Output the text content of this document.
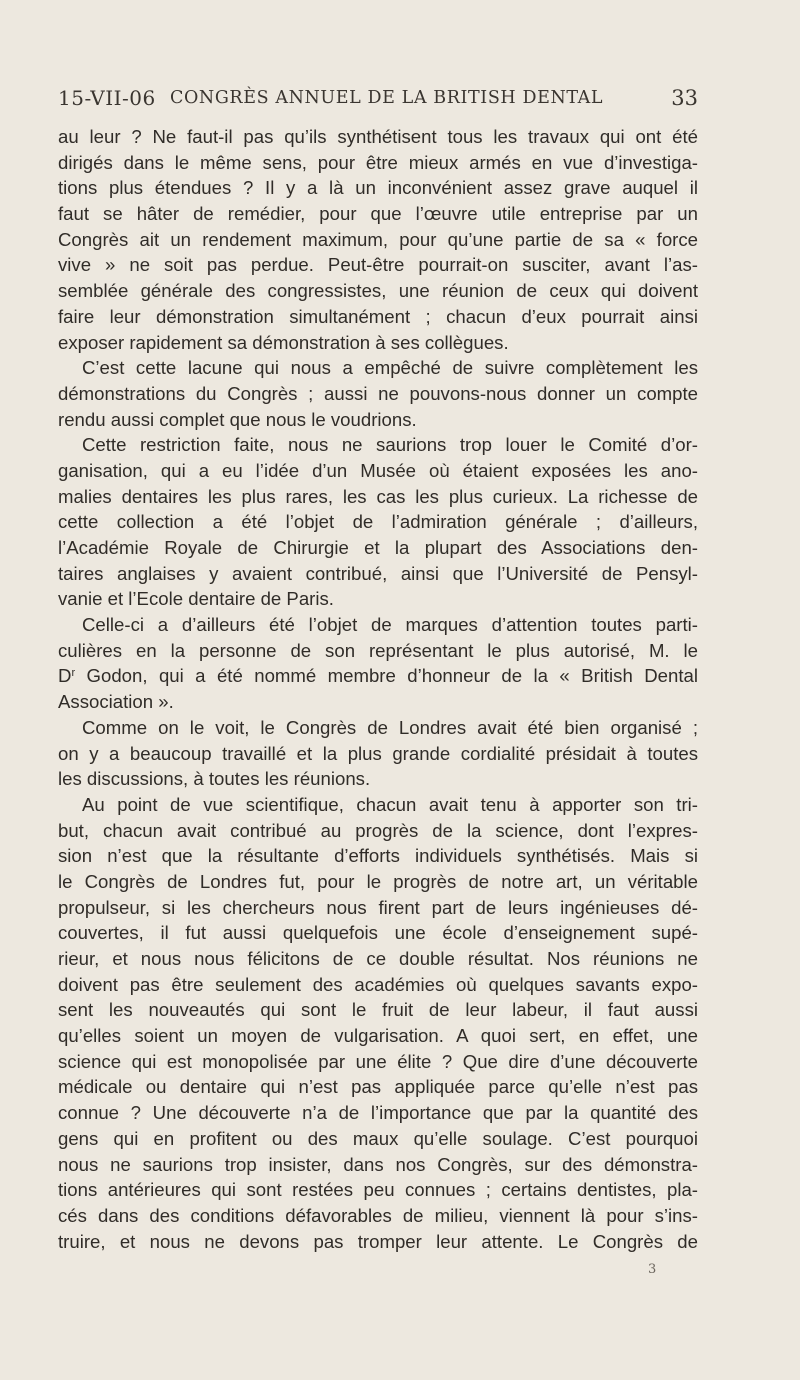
15-VII-06 CONGRÈS ANNUEL DE LA BRITISH DENTAL	33
au leur ? Ne faut-il pas qu’ils synthétisent tous les travaux qui ont été
dirigés dans le même sens, pour être mieux armés en vue d’investiga-
tions plus étendues ? Il y a là un inconvénient assez grave auquel il
faut se hâter de remédier, pour que l’œuvre utile entreprise par un
Congrès ait un rendement maximum, pour qu’une partie de sa « force
vive » ne soit pas perdue. Peut-être pourrait-on susciter, avant l’as-
semblée générale des congressistes, une réunion de ceux qui doivent
faire leur démonstration simultanément ; chacun d’eux pourrait ainsi
exposer rapidement sa démonstration à ses collègues.
C’est cette lacune qui nous a empêché de suivre complètement les
démonstrations du Congrès ; aussi ne pouvons-nous donner un compte
rendu aussi complet que nous le voudrions.
Cette restriction faite, nous ne saurions trop louer le Comité d’or-
ganisation, qui a eu l’idée d’un Musée où étaient exposées les ano-
malies dentaires les plus rares, les cas les plus curieux. La richesse de
cette collection a été l’objet de l’admiration générale ; d’ailleurs,
l’Académie Royale de Chirurgie et la plupart des Associations den-
taires anglaises y avaient contribué, ainsi que l’Université de Pensyl-
vanie et l’Ecole dentaire de Paris.
Celle-ci a d’ailleurs été l’objet de marques d’attention toutes parti-
culières en la personne de son représentant le plus autorisé, M. le
$D^r$ Godon, qui a été nommé membre d’honneur de la « British Dental
Association ».
Comme on le voit, le Congrès de Londres avait été bien organisé ;
on y a beaucoup travaillé et la plus grande cordialité présidait à toutes
les discussions, à toutes les réunions.
Au point de vue scientifique, chacun avait tenu à apporter son tri-
but, chacun avait contribué au progrès de la science, dont l’expres-
sion n’est que la résultante d’efforts individuels synthétisés. Mais si
le Congrès de Londres fut, pour le progrès de notre art, un véritable
propulseur, si les chercheurs nous firent part de leurs ingénieuses dé-
couvertes, il fut aussi quelquefois une école d’enseignement supé-
rieur, et nous nous félicitons de ce double résultat. Nos réunions ne
doivent pas être seulement des académies où quelques savants expo-
sent les nouveautés qui sont le fruit de leur labeur, il faut aussi
qu’elles soient un moyen de vulgarisation. A quoi sert, en effet, une
science qui est monopolisée par une élite ? Que dire d’une découverte
médicale ou dentaire qui n’est pas appliquée parce qu’elle n’est pas
connue ? Une découverte n’a de l’importance que par la quantité des
gens qui en profitent ou des maux qu’elle soulage. C’est pourquoi
nous ne saurions trop insister, dans nos Congrès, sur des démonstra-
tions antérieures qui sont restées peu connues ; certains dentistes, pla-
cés dans des conditions défavorables de milieu, viennent là pour s’ins-
truire, et nous ne devons pas tromper leur attente. Le Congrès de
3
